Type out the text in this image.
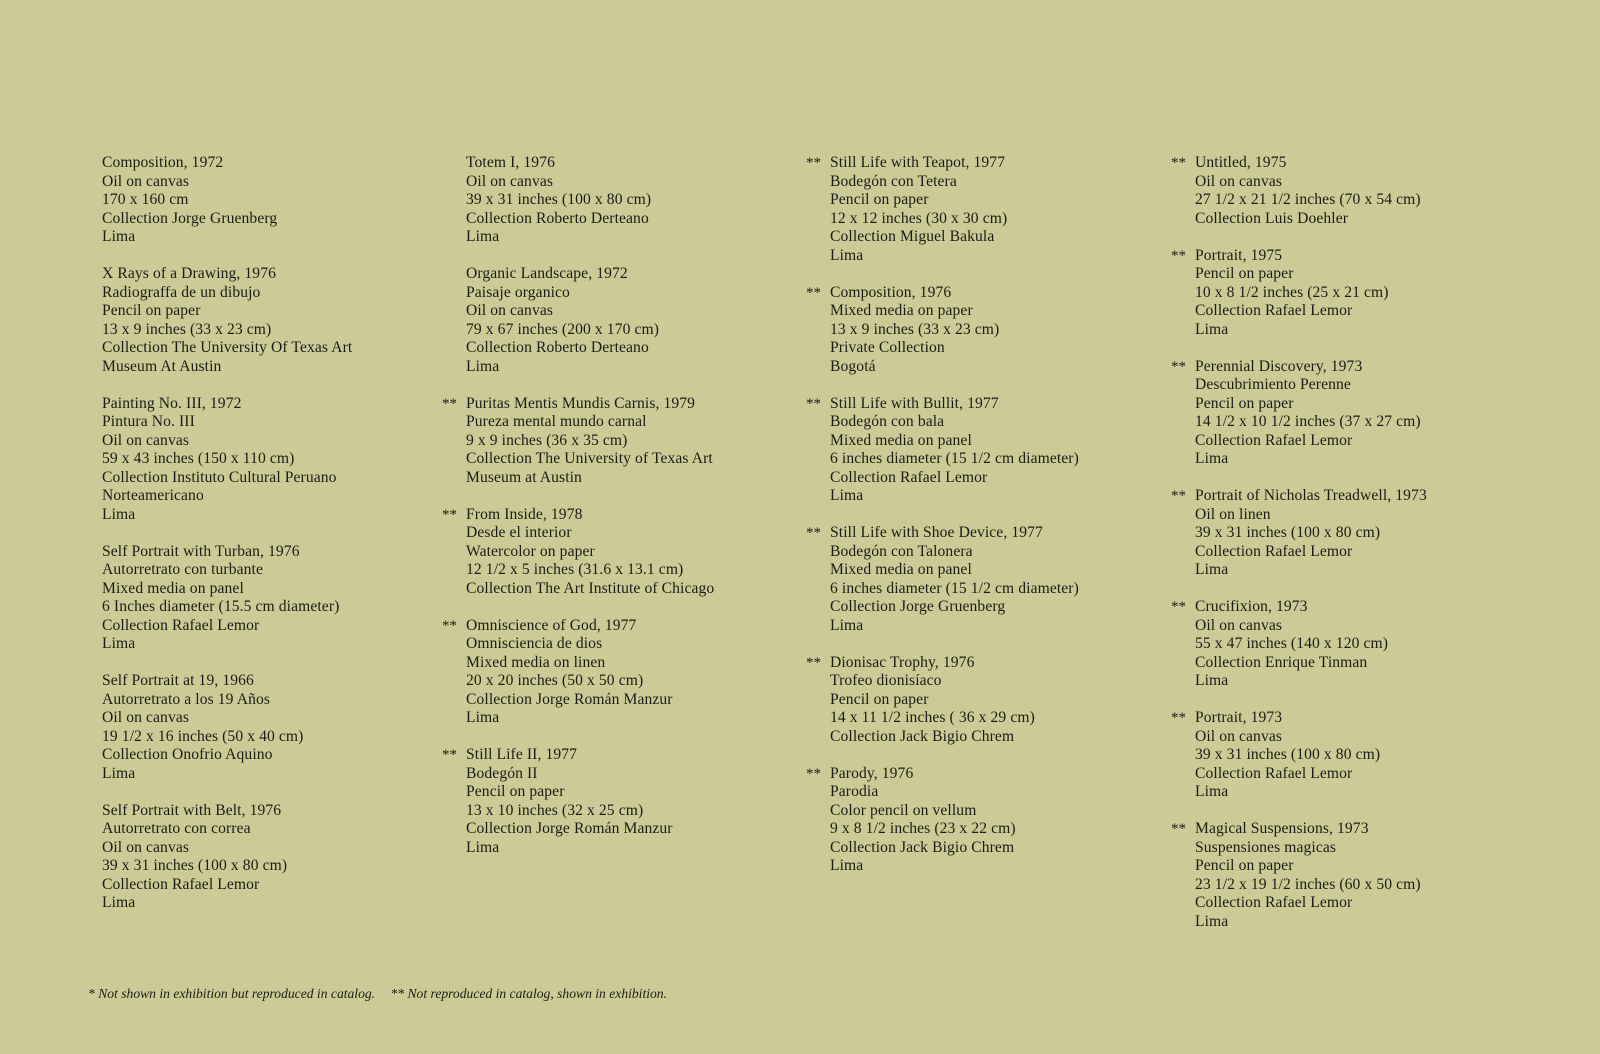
Composition, 1972
Oil on canvas
170 x 160 cm
Collection Jorge Gruenberg
Lima
X Rays of a Drawing, 1976
Radiograffa de un dibujo
Pencil on paper
13 x 9 inches (33 x 23 cm)
Collection The University Of Texas Art
Museum At Austin
Painting No. III, 1972
Pintura No. III
Oil on canvas
59 x 43 inches (150 x 110 cm)
Collection Instituto Cultural Peruano
Norteamericano
Lima
Self Portrait with Turban, 1976
Autorretrato con turbante
Mixed media on panel
6 Inches diameter (15.5 cm diameter)
Collection Rafael Lemor
Lima
Self Portrait at 19, 1966
Autorretrato a los 19 Años
Oil on canvas
19 1/2 x 16 inches (50 x 40 cm)
Collection Onofrio Aquino
Lima
Self Portrait with Belt, 1976
Autorretrato con correa
Oil on canvas
39 x 31 inches (100 x 80 cm)
Collection Rafael Lemor
Lima
Totem I, 1976
Oil on canvas
39 x 31 inches (100 x 80 cm)
Collection Roberto Derteano
Lima
Organic Landscape, 1972
Paisaje organico
Oil on canvas
79 x 67 inches (200 x 170 cm)
Collection Roberto Derteano
Lima
** Puritas Mentis Mundis Carnis, 1979
Pureza mental mundo carnal
9 x 9 inches (36 x 35 cm)
Collection The University of Texas Art
Museum at Austin
** From Inside, 1978
Desde el interior
Watercolor on paper
12 1/2 x 5 inches (31.6 x 13.1 cm)
Collection The Art Institute of Chicago
** Omniscience of God, 1977
Omnisciencia de dios
Mixed media on linen
20 x 20 inches (50 x 50 cm)
Collection Jorge Román Manzur
Lima
** Still Life II, 1977
Bodegón II
Pencil on paper
13 x 10 inches (32 x 25 cm)
Collection Jorge Román Manzur
Lima
** Still Life with Teapot, 1977
Bodegón con Tetera
Pencil on paper
12 x 12 inches (30 x 30 cm)
Collection Miguel Bakula
Lima
** Composition, 1976
Mixed media on paper
13 x 9 inches (33 x 23 cm)
Private Collection
Bogotá
** Still Life with Bullit, 1977
Bodegón con bala
Mixed media on panel
6 inches diameter (15 1/2 cm diameter)
Collection Rafael Lemor
Lima
** Still Life with Shoe Device, 1977
Bodegón con Talonera
Mixed media on panel
6 inches diameter (15 1/2 cm diameter)
Collection Jorge Gruenberg
Lima
** Dionisac Trophy, 1976
Trofeo dionisíaco
Pencil on paper
14 x 11 1/2 inches ( 36 x 29 cm)
Collection Jack Bigio Chrem
** Parody, 1976
Parodia
Color pencil on vellum
9 x 8 1/2 inches (23 x 22 cm)
Collection Jack Bigio Chrem
Lima
** Untitled, 1975
Oil on canvas
27 1/2 x 21 1/2 inches (70 x 54 cm)
Collection Luis Doehler
** Portrait, 1975
Pencil on paper
10 x 8 1/2 inches (25 x 21 cm)
Collection Rafael Lemor
Lima
** Perennial Discovery, 1973
Descubrimiento Perenne
Pencil on paper
14 1/2 x 10 1/2 inches (37 x 27 cm)
Collection Rafael Lemor
Lima
** Portrait of Nicholas Treadwell, 1973
Oil on linen
39 x 31 inches (100 x 80 cm)
Collection Rafael Lemor
Lima
** Crucifixion, 1973
Oil on canvas
55 x 47 inches (140 x 120 cm)
Collection Enrique Tinman
Lima
** Portrait, 1973
Oil on canvas
39 x 31 inches (100 x 80 cm)
Collection Rafael Lemor
Lima
** Magical Suspensions, 1973
Suspensiones magicas
Pencil on paper
23 1/2 x 19 1/2 inches (60 x 50 cm)
Collection Rafael Lemor
Lima
* Not shown in exhibition but reproduced in catalog. ** Not reproduced in catalog, shown in exhibition.
